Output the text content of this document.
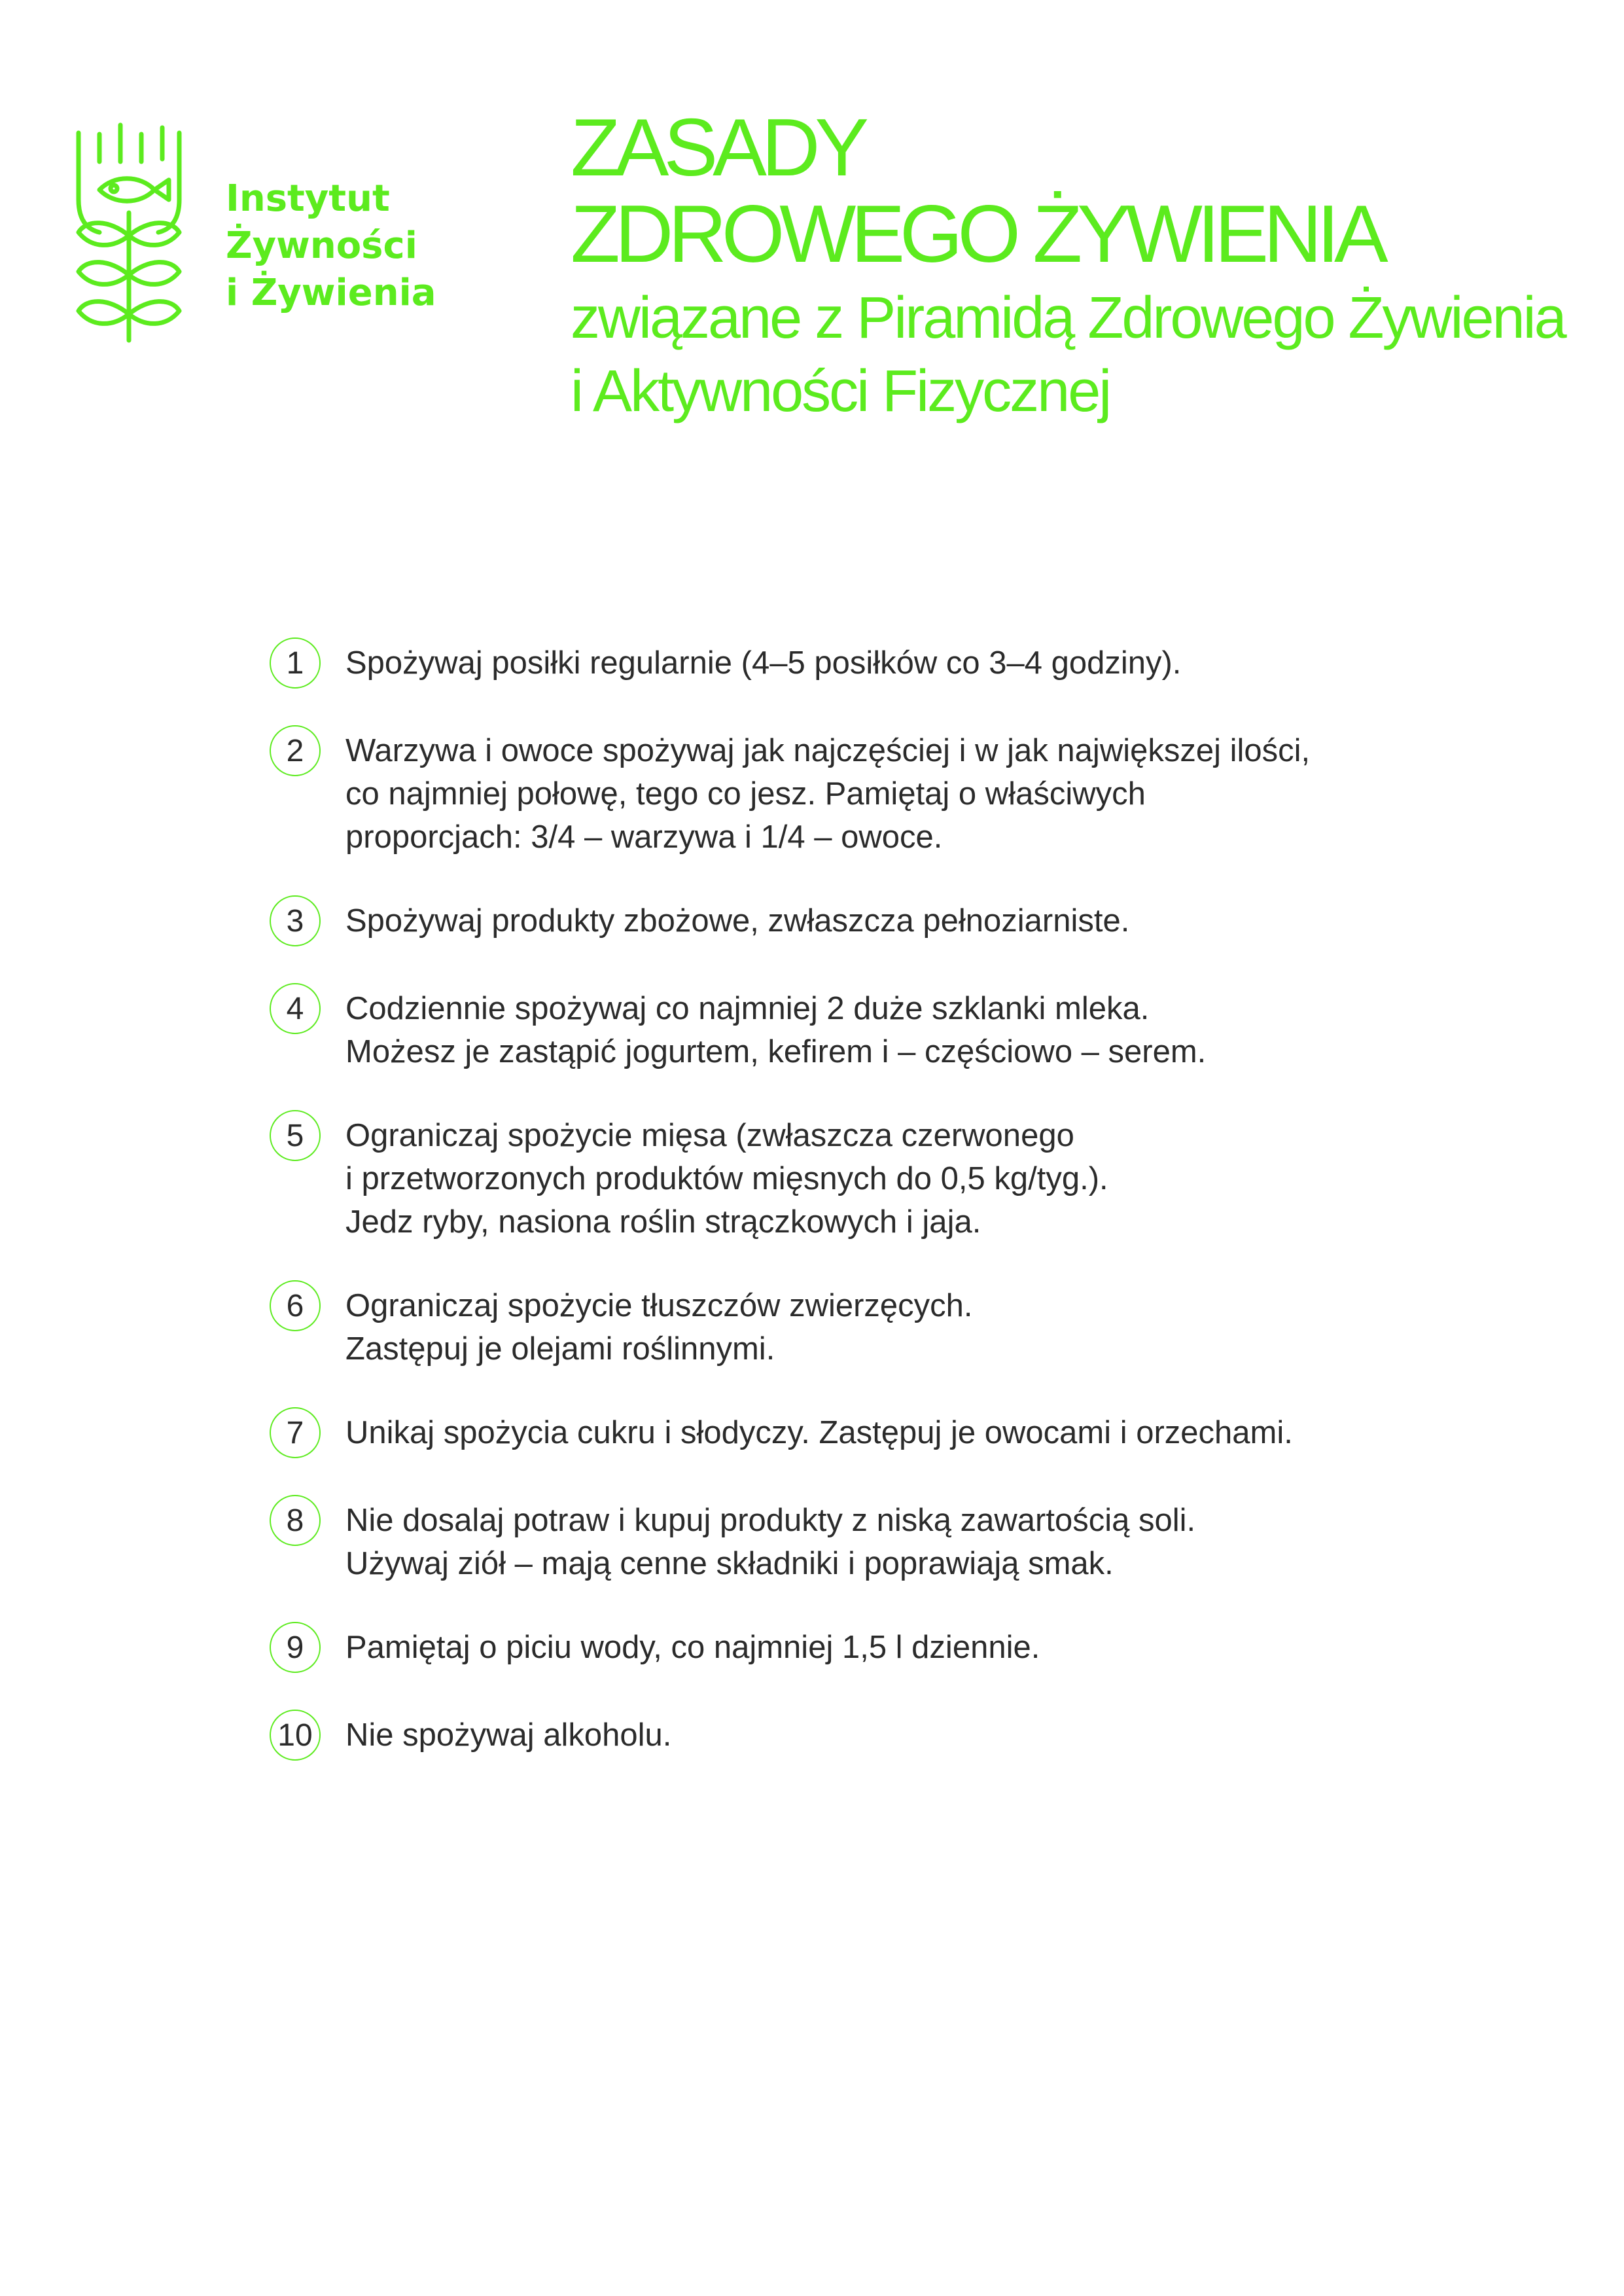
Instytut
Żywności
i Żywienia
ZASADY
ZDROWEGO ŻYWIENIA
związane z Piramidą Zdrowego Żywienia
i Aktywności Fizycznej
1	Spożywaj posiłki regularnie (4–5 posiłków co 3–4 godziny).
2	Warzywa i owoce spożywaj jak najczęściej i w jak największej ilości,
co najmniej połowę, tego co jesz. Pamiętaj o właściwych
proporcjach: 3/4 – warzywa i 1/4 – owoce.
3	Spożywaj produkty zbożowe, zwłaszcza pełnoziarniste.
4	Codziennie spożywaj co najmniej 2 duże szklanki mleka.
Możesz je zastąpić jogurtem, kefirem i – częściowo – serem.
5	Ograniczaj spożycie mięsa (zwłaszcza czerwonego
i przetworzonych produktów mięsnych do 0,5 kg/tyg.).
Jedz ryby, nasiona roślin strączkowych i jaja.
6	Ograniczaj spożycie tłuszczów zwierzęcych.
Zastępuj je olejami roślinnymi.
7	Unikaj spożycia cukru i słodyczy. Zastępuj je owocami i orzechami.
8	Nie dosalaj potraw i kupuj produkty z niską zawartością soli.
Używaj ziół – mają cenne składniki i poprawiają smak.
9	Pamiętaj o piciu wody, co najmniej 1,5 l dziennie.
10 Nie spożywaj alkoholu.
